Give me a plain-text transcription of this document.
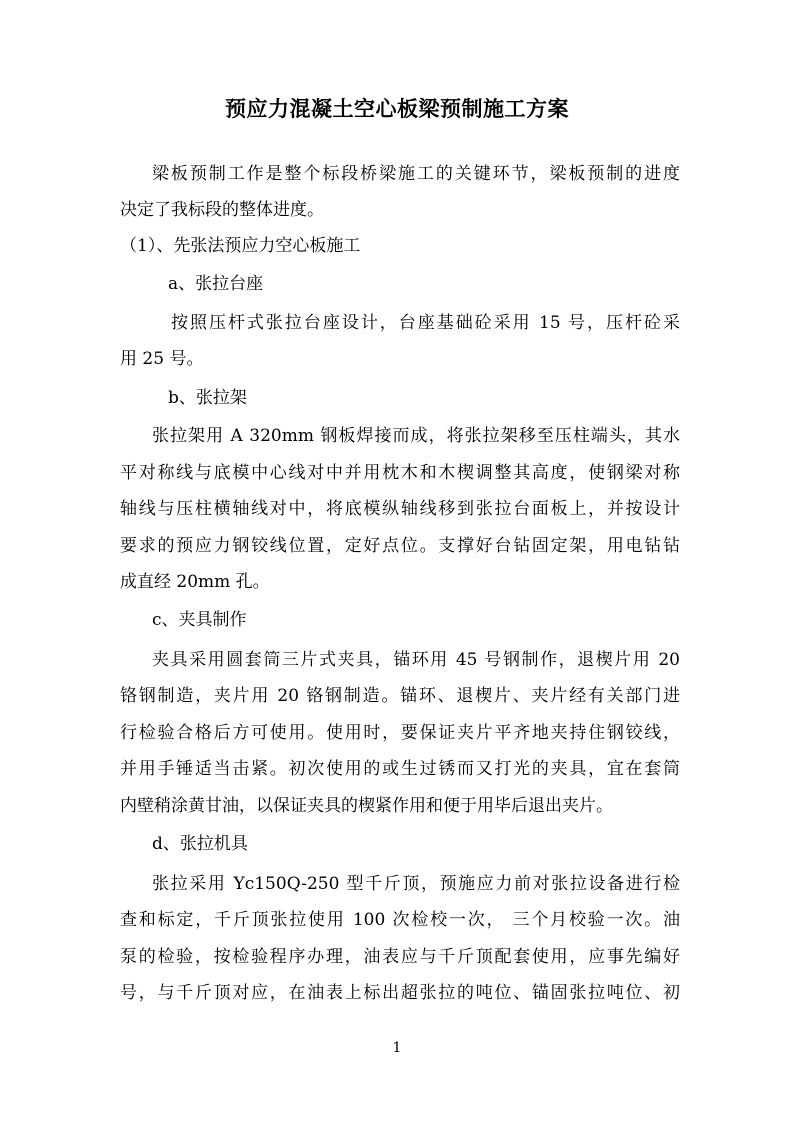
预应力混凝土空心板梁预制施工方案
梁板预制工作是整个标段桥梁施工的关键环节，梁板预制的进度
决定了我标段的整体进度。
（1）、先张法预应力空心板施工
a、张拉台座
按照压杆式张拉台座设计，台座基础砼采用 15 号，压杆砼采
用 25 号。
b、张拉架
张拉架用 A 320mm 钢板焊接而成，将张拉架移至压柱端头，其水
平对称线与底模中心线对中并用枕木和木楔调整其高度，使钢梁对称
轴线与压柱横轴线对中，将底模纵轴线移到张拉台面板上，并按设计
要求的预应力钢铰线位置，定好点位。支撑好台钻固定架，用电钻钻
成直经 20mm 孔。
c、夹具制作
夹具采用圆套筒三片式夹具，锚环用 45 号钢制作，退楔片用 20
铬钢制造，夹片用 20 铬钢制造。锚环、退楔片、夹片经有关部门进
行检验合格后方可使用。使用时，要保证夹片平齐地夹持住钢铰线，
并用手锤适当击紧。初次使用的或生过锈而又打光的夹具，宜在套筒
内壁稍涂黄甘油，以保证夹具的楔紧作用和便于用毕后退出夹片。
d、张拉机具
张拉采用 Yc150Q-250 型千斤顶，预施应力前对张拉设备进行检
查和标定，千斤顶张拉使用 100 次检校一次， 三个月校验一次。油
泵的检验，按检验程序办理，油表应与千斤顶配套使用，应事先编好
号，与千斤顶对应，在油表上标出超张拉的吨位、锚固张拉吨位、初
1
